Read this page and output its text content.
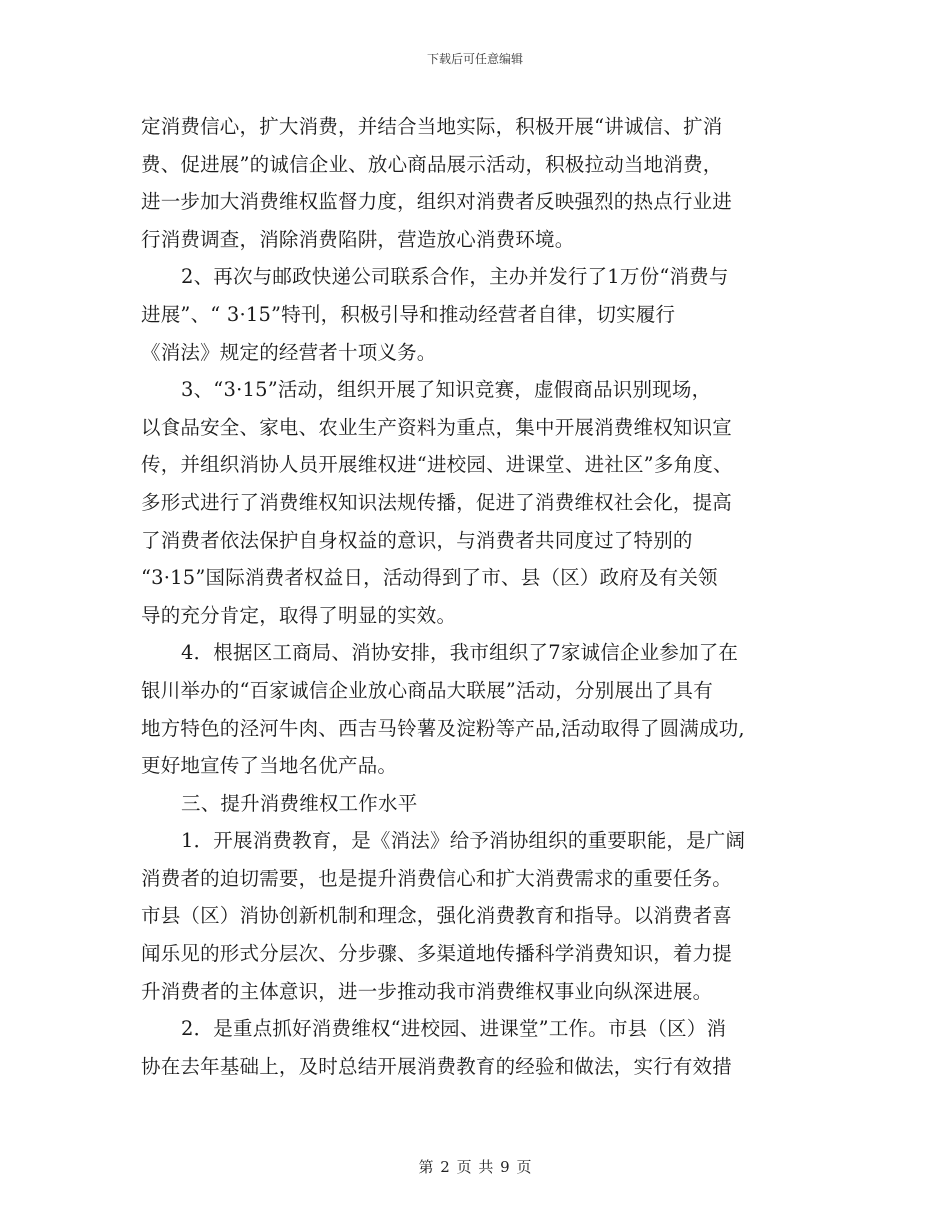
下载后可任意编辑
定消费信心，扩大消费，并结合当地实际，积极开展“讲诚信、扩消
费、促进展”的诚信企业、放心商品展示活动，积极拉动当地消费，
进一步加大消费维权监督力度，组织对消费者反映强烈的热点行业进
行消费调查，消除消费陷阱，营造放心消费环境。
2、再次与邮政快递公司联系合作，主办并发行了1万份“消费与
进展”、“ 3·15”特刊，积极引导和推动经营者自律，切实履行
《消法》规定的经营者十项义务。
3、“3·15”活动，组织开展了知识竞赛，虚假商品识别现场，
以食品安全、家电、农业生产资料为重点，集中开展消费维权知识宣
传，并组织消协人员开展维权进“进校园、进课堂、进社区”多角度、
多形式进行了消费维权知识法规传播，促进了消费维权社会化，提高
了消费者依法保护自身权益的意识，与消费者共同度过了特别的
“3·15”国际消费者权益日，活动得到了市、县（区）政府及有关领
导的充分肯定，取得了明显的实效。
4．根据区工商局、消协安排，我市组织了7家诚信企业参加了在
银川举办的“百家诚信企业放心商品大联展”活动，分别展出了具有
地方特色的泾河牛肉、西吉马铃薯及淀粉等产品,活动取得了圆满成功,
更好地宣传了当地名优产品。
三、提升消费维权工作水平
1．开展消费教育，是《消法》给予消协组织的重要职能，是广阔
消费者的迫切需要，也是提升消费信心和扩大消费需求的重要任务。
市县（区）消协创新机制和理念，强化消费教育和指导。以消费者喜
闻乐见的形式分层次、分步骤、多渠道地传播科学消费知识，着力提
升消费者的主体意识，进一步推动我市消费维权事业向纵深进展。
2．是重点抓好消费维权“进校园、进课堂”工作。市县（区）消
协在去年基础上，及时总结开展消费教育的经验和做法，实行有效措
第 2 页 共 9 页
